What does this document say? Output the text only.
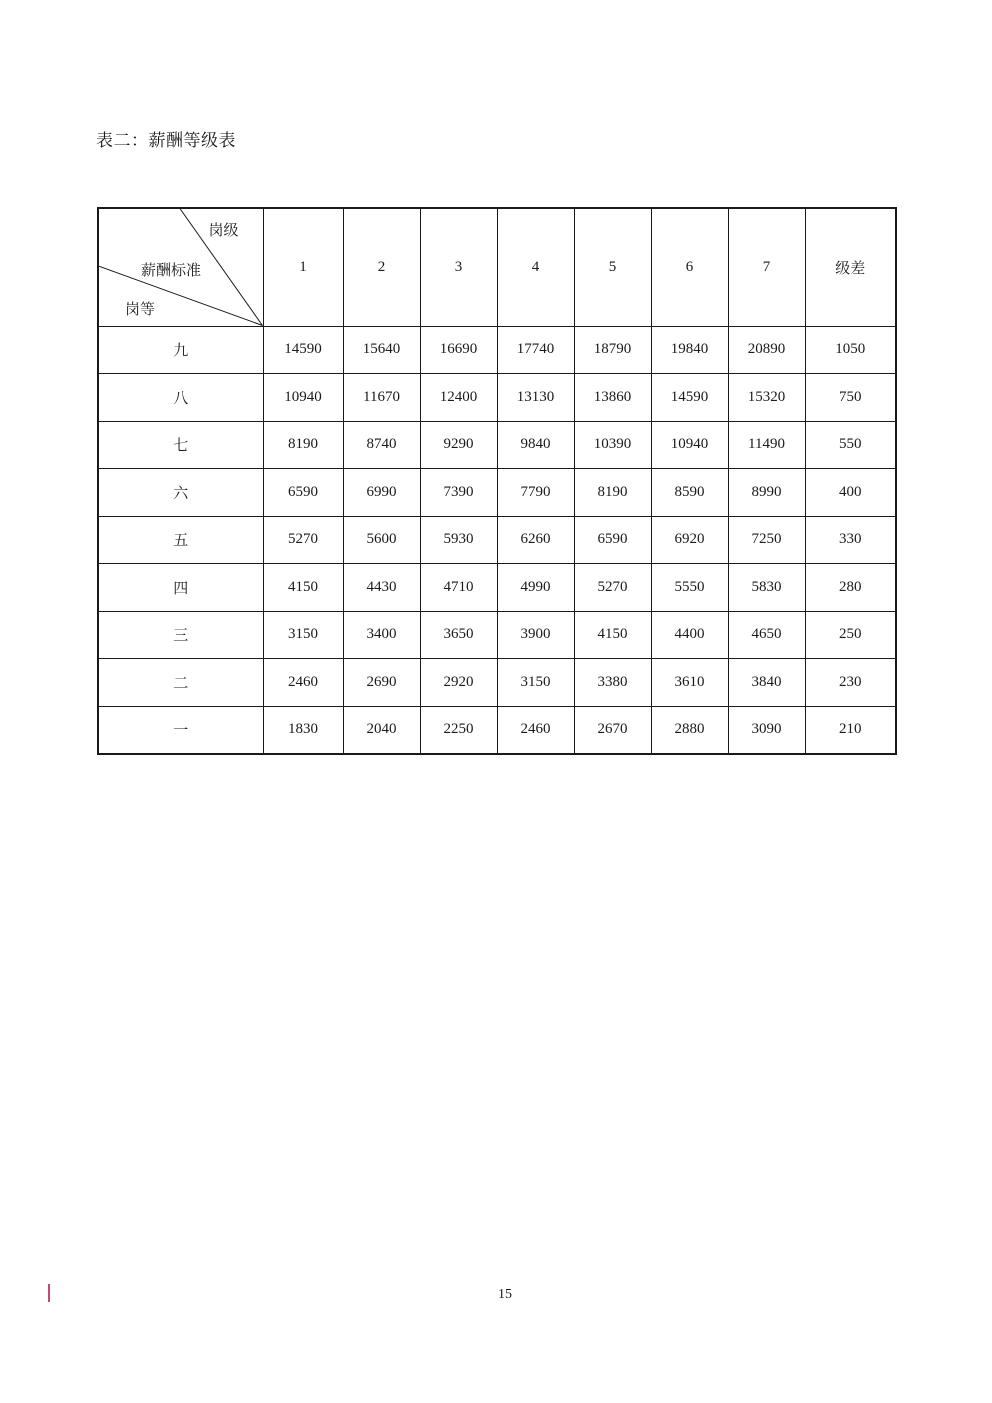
表二：薪酬等级表
岗级
薪酬标准
岗等	1	2	3	4	5	6	7	级差
九	14590	15640	16690	17740	18790	19840	20890	1050
八	10940	11670	12400	13130	13860	14590	15320	750
七	8190	8740	9290	9840	10390	10940	11490	550
六	6590	6990	7390	7790	8190	8590	8990	400
五	5270	5600	5930	6260	6590	6920	7250	330
四	4150	4430	4710	4990	5270	5550	5830	280
三	3150	3400	3650	3900	4150	4400	4650	250
二	2460	2690	2920	3150	3380	3610	3840	230
一	1830	2040	2250	2460	2670	2880	3090	210
15
